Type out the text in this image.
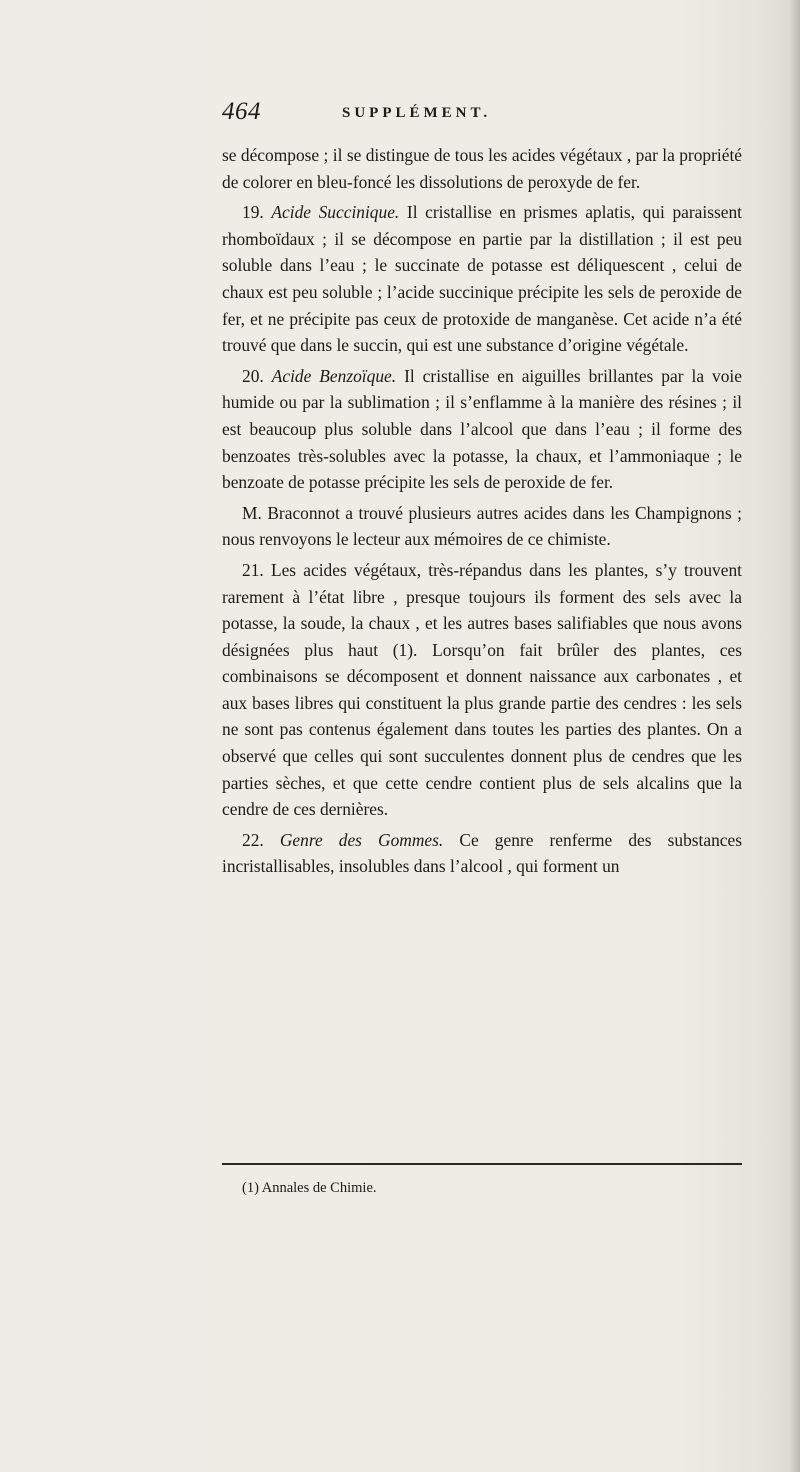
464	SUPPLÉMENT.

se décompose ; il se distingue de tous les acides végétaux , par la propriété de colorer en bleu-foncé les dissolutions de peroxyde de fer.

19. Acide Succinique. Il cristallise en prismes aplatis, qui paraissent rhomboïdaux ; il se décompose en partie par la distillation ; il est peu soluble dans l’eau ; le succinate de potasse est déliquescent , celui de chaux est peu soluble ; l’acide succinique précipite les sels de peroxide de fer, et ne précipite pas ceux de protoxide de manganèse. Cet acide n’a été trouvé que dans le succin, qui est une substance d’origine végétale.

20. Acide Benzoïque. Il cristallise en aiguilles brillantes par la voie humide ou par la sublimation ; il s’enflamme à la manière des résines ; il est beaucoup plus soluble dans l’alcool que dans l’eau ; il forme des benzoates très-solubles avec la potasse, la chaux, et l’ammoniaque ; le benzoate de potasse précipite les sels de peroxide de fer.

M. Braconnot a trouvé plusieurs autres acides dans les Champignons ; nous renvoyons le lecteur aux mémoires de ce chimiste.

21. Les acides végétaux, très-répandus dans les plantes, s’y trouvent rarement à l’état libre , presque toujours ils forment des sels avec la potasse, la soude, la chaux , et les autres bases salifiables que nous avons désignées plus haut (1). Lorsqu’on fait brûler des plantes, ces combinaisons se décomposent et donnent naissance aux carbonates , et aux bases libres qui constituent la plus grande partie des cendres : les sels ne sont pas contenus également dans toutes les parties des plantes. On a observé que celles qui sont succulentes donnent plus de cendres que les parties sèches, et que cette cendre contient plus de sels alcalins que la cendre de ces dernières.

22. Genre des Gommes. Ce genre renferme des substances incristallisables, insolubles dans l’alcool , qui forment un

(1) Annales de Chimie.
